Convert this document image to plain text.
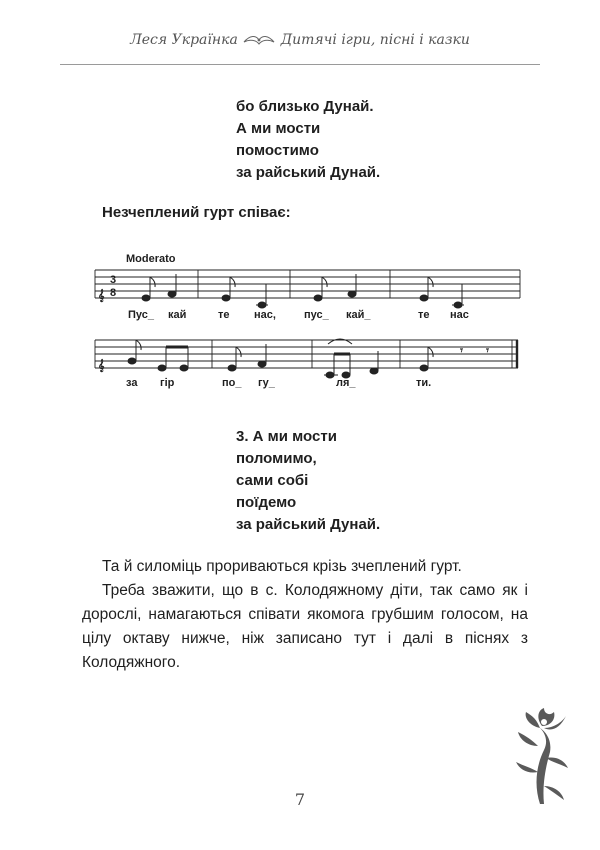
Леся Українка	Дитячі ігри, пісні і казки
бо близько Дунай.
А ми мости
помостимо
за райський Дунай.
Незчеплений гурт співає:
Moderato
𝄞
3
8
Пус_ кай	те нас,	пус_ кай_	те нас
𝄞
𝄾 𝄾
за гір	по_ гу_	ля_	ти.
3. А ми мости
поломимо,
сами собі
поїдемо
за райський Дунай.

Та й силоміць прориваються крізь зчеплений гурт.

Треба зважити, що в с. Колодяжному діти, так само як і дорослі, намагаються співати якомога грубшим голосом, на цілу октаву нижче, ніж записано тут і далі в піснях з Колодяжного.

7
